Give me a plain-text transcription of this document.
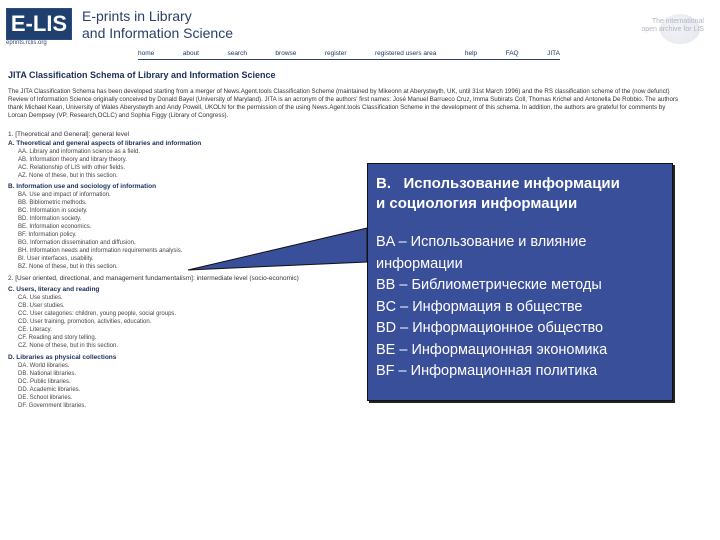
E-LIS
eprints.rclis.org
E-prints in Library
and Information Science
The international
open archive for LIS
home	about	search	browse	register	registered users area	help	FAQ	JITA
JITA Classification Schema of Library and Information Science
The JITA Classification Schema has been developed starting from a merger of News.Agent.tools Classification Scheme (maintained by Mikeonn at Aberystwyth, UK, until 31st March 1996) and the RS classification scheme of the (now defunct) Review of Information Science originally conceived by Donald Bayel (University of Maryland). JITA is an acronym of the authors' first names: José Manuel Barrueco Cruz, Imma Subirats Coll, Thomas Krichel and Antonella De Robbio. The authors thank Michael Kean, University of Wales Aberystwyth and Andy Powell, UKOLN for the permission of the using News.Agent.tools Classification Scheme in the development of this schema. In addition, the authors are grateful for comments by Lorcan Dempsey (VP, Research,OCLC) and Sophia Figgy (Library of Congress).
1. [Theoretical and General]: general level
A. Theoretical and general aspects of libraries and information
AA. Library and information science as a field.
AB. Information theory and library theory.
AC. Relationship of LIS with other fields.
AZ. None of these, but in this section.
B. Information use and sociology of information
BA. Use and impact of information.
BB. Bibliometric methods.
BC. Information in society.
BD. Information society.
BE. Information economics.
BF. Information policy.
BG. Information dissemination and diffusion.
BH. Information needs and information requirements analysis.
BI. User interfaces, usability.
BZ. None of these, but in this section.
2. [User oriented, directional, and management fundamentalism]: intermediate level (socio-economic)
C. Users, literacy and reading
CA. Use studies.
CB. User studies.
CC. User categories: children, young people, social groups.
CD. User training, promotion, activities, education.
CE. Literacy.
CF. Reading and story telling.
CZ. None of these, but in this section.
D. Libraries as physical collections
DA. World libraries.
DB. National libraries.
DC. Public libraries.
DD. Academic libraries.
DE. School libraries.
DF. Government libraries.
B.   Использование информации
и социология информации
BA – Использование и влияние
информации
BB – Библиометрические методы
BC – Информация в обществе
BD – Информационное общество
BE – Информационная экономика
BF – Информационная политика
